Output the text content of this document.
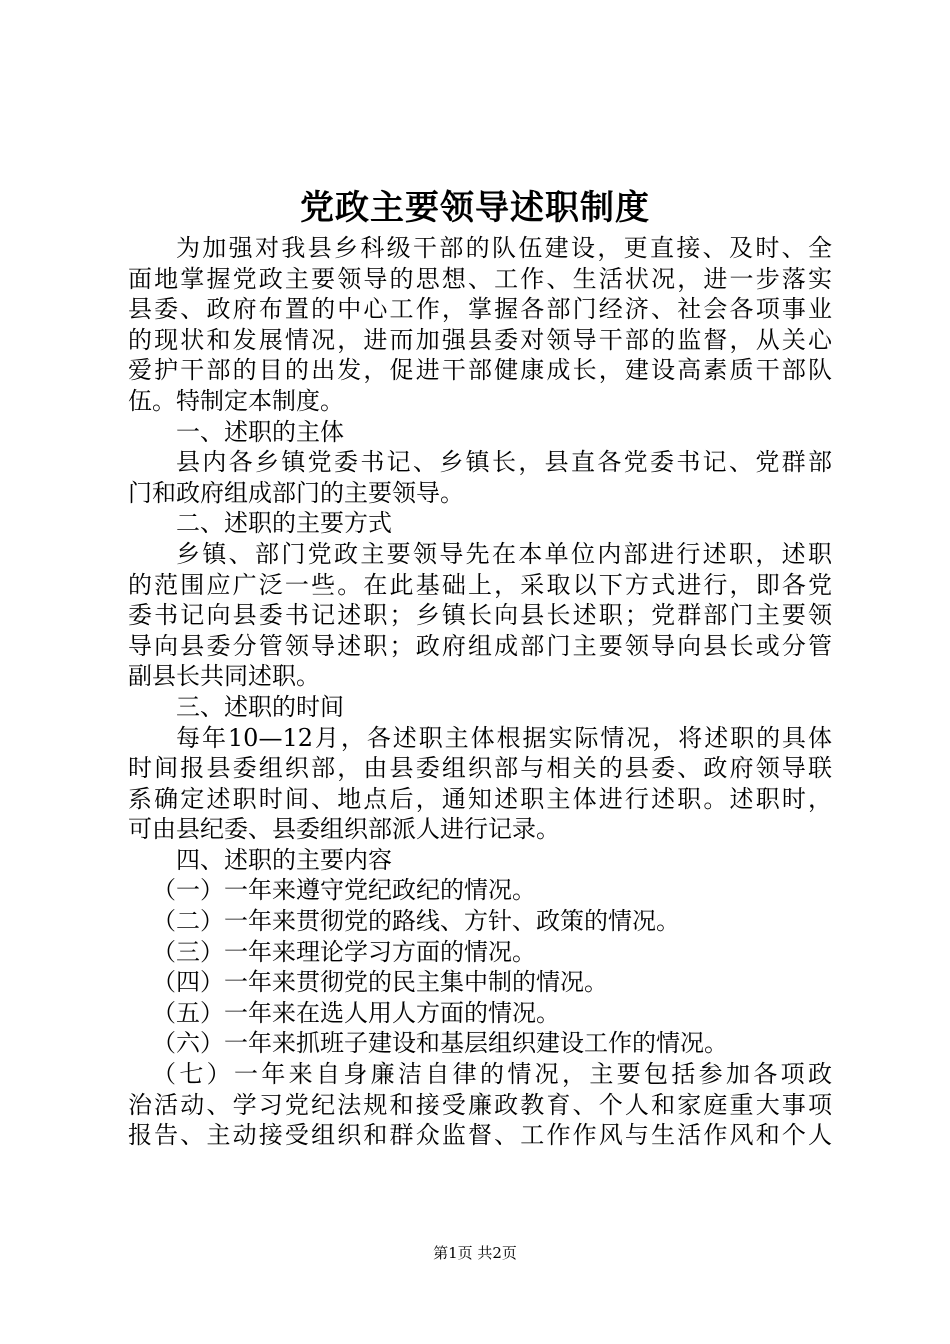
党政主要领导述职制度
为加强对我县乡科级干部的队伍建设，更直接、及时、全
面地掌握党政主要领导的思想、工作、生活状况，进一步落实
县委、政府布置的中心工作，掌握各部门经济、社会各项事业
的现状和发展情况，进而加强县委对领导干部的监督，从关心
爱护干部的目的出发，促进干部健康成长，建设高素质干部队
伍。特制定本制度。
一、述职的主体
县内各乡镇党委书记、乡镇长，县直各党委书记、党群部
门和政府组成部门的主要领导。
二、述职的主要方式
乡镇、部门党政主要领导先在本单位内部进行述职，述职
的范围应广泛一些。在此基础上，采取以下方式进行，即各党
委书记向县委书记述职；乡镇长向县长述职；党群部门主要领
导向县委分管领导述职；政府组成部门主要领导向县长或分管
副县长共同述职。
三、述职的时间
每年10—12月，各述职主体根据实际情况，将述职的具体
时间报县委组织部，由县委组织部与相关的县委、政府领导联
系确定述职时间、地点后，通知述职主体进行述职。述职时，
可由县纪委、县委组织部派人进行记录。
四、述职的主要内容
（一）一年来遵守党纪政纪的情况。
（二）一年来贯彻党的路线、方针、政策的情况。
（三）一年来理论学习方面的情况。
（四）一年来贯彻党的民主集中制的情况。
（五）一年来在选人用人方面的情况。
（六）一年来抓班子建设和基层组织建设工作的情况。
（七）一年来自身廉洁自律的情况，主要包括参加各项政
治活动、学习党纪法规和接受廉政教育、个人和家庭重大事项
报告、主动接受组织和群众监督、工作作风与生活作风和个人
第1页 共2页
